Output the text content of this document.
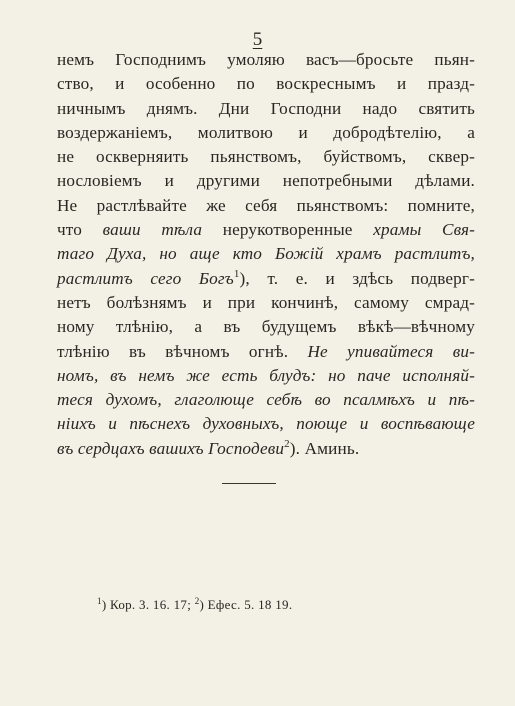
5
немъ Господнимъ умоляю васъ—бросьте пьян-
ство, и особенно по воскреснымъ и празд-
ничнымъ днямъ. Дни Господни надо святить
воздержаніемъ, молитвою и добродѣтелію, а
не оскверняить пьянствомъ, буйствомъ, сквер-
нословіемъ и другими непотребными дѣлами.
Не растлѣвайте же себя пьянствомъ: помните,
что ваши тѣла нерукотворенные храмы Свя-
таго Духа, но аще кто Божій храмъ растлитъ,
растлитъ сего Богъ$^1$), т. е. и здѣсь подверг-
нетъ болѣзнямъ и при кончинѣ, самому смрад-
ному тлѣнію, а въ будущемъ вѣкѣ—вѣчному
тлѣнію въ вѣчномъ огнѣ. Не упивайтеся ви-
номъ, въ немъ же есть блудъ: но паче исполняй-
теся духомъ, глаголюще себѣ во псалмѣхъ и пѣ-
ніихъ и пѣснехъ духовныхъ, поюще и воспѣвающе
въ сердцахъ вашихъ Господеви$^2$). Аминь.
$^1$) Кор. 3. 16. 17; $^2$) Ефес. 5. 18 19.
